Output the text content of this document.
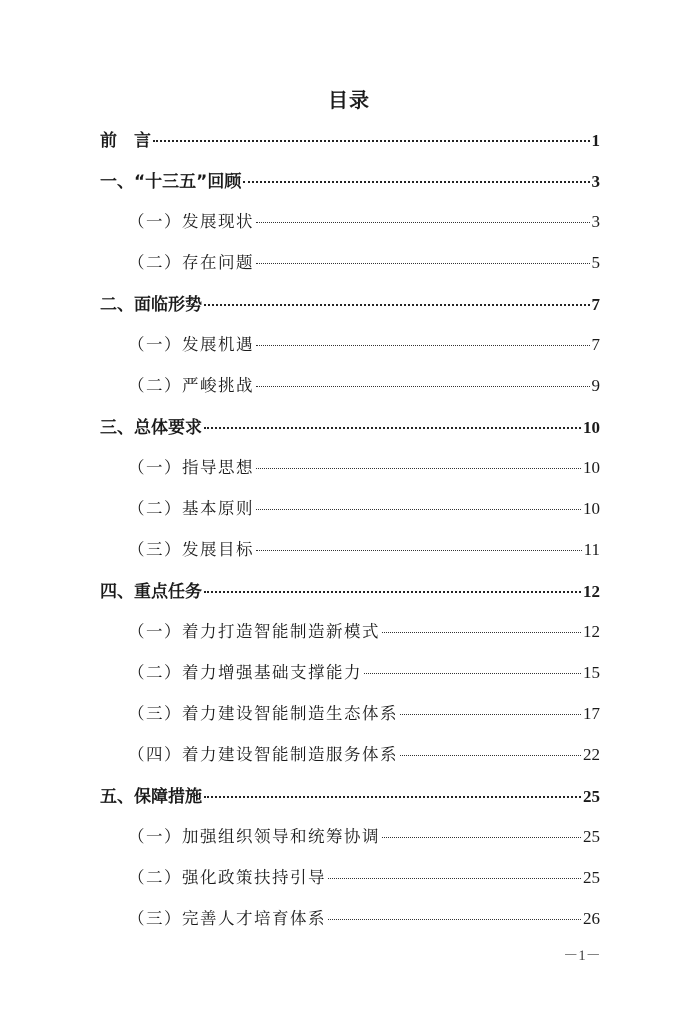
目录
前　言	1
一、“十三五”回顾	3
（一）发展现状	3
（二）存在问题	5
二、面临形势	7
（一）发展机遇	7
（二）严峻挑战	9
三、总体要求	10
（一）指导思想	10
（二）基本原则	10
（三）发展目标	11
四、重点任务	12
（一）着力打造智能制造新模式	12
（二）着力增强基础支撑能力	15
（三）着力建设智能制造生态体系	17
（四）着力建设智能制造服务体系	22
五、保障措施	25
（一）加强组织领导和统筹协调	25
（二）强化政策扶持引导	25
（三）完善人才培育体系	26
－1－
